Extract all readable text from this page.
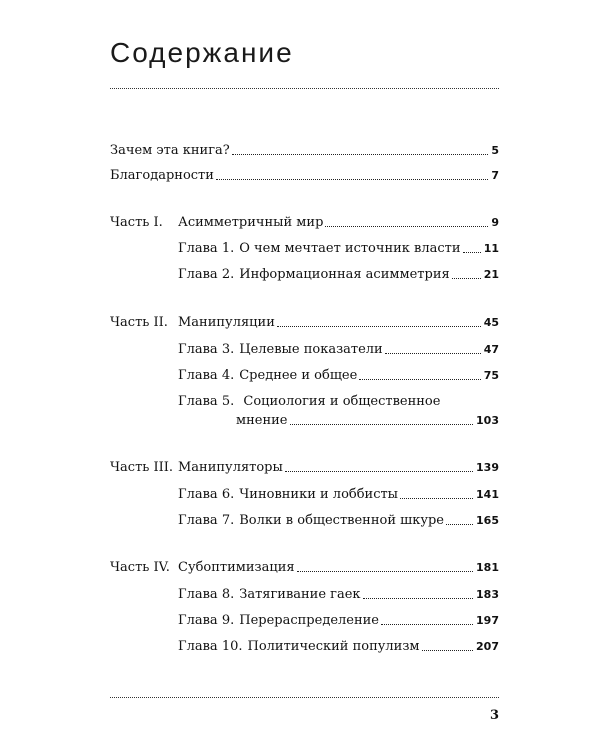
Содержание
Зачем эта книга?	5
Благодарности	7
Часть I.	Асимметричный мир	9
Глава 1. О чем мечтает источник власти 11
Глава 2. Информационная асимметрия	21
Часть II. Манипуляции	45
Глава 3. Целевые показатели	47
Глава 4. Среднее и общее	75
Глава 5. Социология и общественное
мнение	103
Часть III. Манипуляторы	139
Глава 6. Чиновники и лоббисты	141
Глава 7. Волки в общественной шкуре	165
Часть IV. Субоптимизация	181
Глава 8. Затягивание гаек	183
Глава 9. Перераспределение	197
Глава 10. Политический популизм	207
3
